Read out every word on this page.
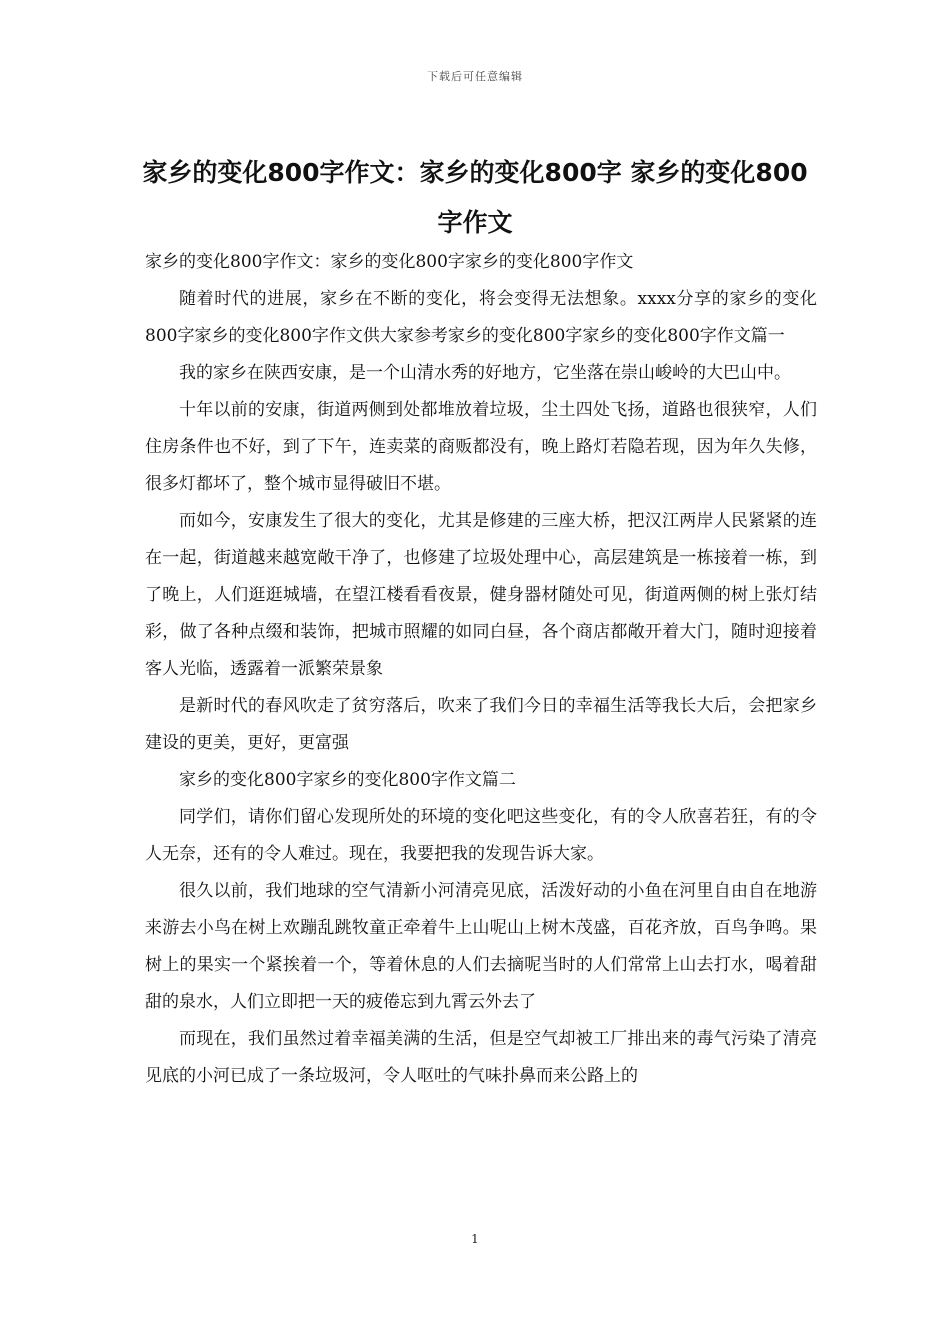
下载后可任意编辑
家乡的变化800字作文：家乡的变化800字 家乡的变化800字作文

家乡的变化800字作文：家乡的变化800字家乡的变化800字作文

随着时代的进展，家乡在不断的变化，将会变得无法想象。xxxx分享的家乡的变化800字家乡的变化800字作文供大家参考家乡的变化800字家乡的变化800字作文篇一

我的家乡在陕西安康，是一个山清水秀的好地方，它坐落在崇山峻岭的大巴山中。

十年以前的安康，街道两侧到处都堆放着垃圾，尘土四处飞扬，道路也很狭窄，人们住房条件也不好，到了下午，连卖菜的商贩都没有，晚上路灯若隐若现，因为年久失修，很多灯都坏了，整个城市显得破旧不堪。

而如今，安康发生了很大的变化，尤其是修建的三座大桥，把汉江两岸人民紧紧的连在一起，街道越来越宽敞干净了，也修建了垃圾处理中心，高层建筑是一栋接着一栋，到了晚上，人们逛逛城墙，在望江楼看看夜景，健身器材随处可见，街道两侧的树上张灯结彩，做了各种点缀和装饰，把城市照耀的如同白昼，各个商店都敞开着大门，随时迎接着客人光临，透露着一派繁荣景象

是新时代的春风吹走了贫穷落后，吹来了我们今日的幸福生活等我长大后，会把家乡建设的更美，更好，更富强

家乡的变化800字家乡的变化800字作文篇二

同学们，请你们留心发现所处的环境的变化吧这些变化，有的令人欣喜若狂，有的令人无奈，还有的令人难过。现在，我要把我的发现告诉大家。

很久以前，我们地球的空气清新小河清亮见底，活泼好动的小鱼在河里自由自在地游来游去小鸟在树上欢蹦乱跳牧童正牵着牛上山呢山上树木茂盛，百花齐放，百鸟争鸣。果树上的果实一个紧挨着一个，等着休息的人们去摘呢当时的人们常常上山去打水，喝着甜甜的泉水，人们立即把一天的疲倦忘到九霄云外去了

而现在，我们虽然过着幸福美满的生活，但是空气却被工厂排出来的毒气污染了清亮见底的小河已成了一条垃圾河，令人呕吐的气味扑鼻而来公路上的

1
